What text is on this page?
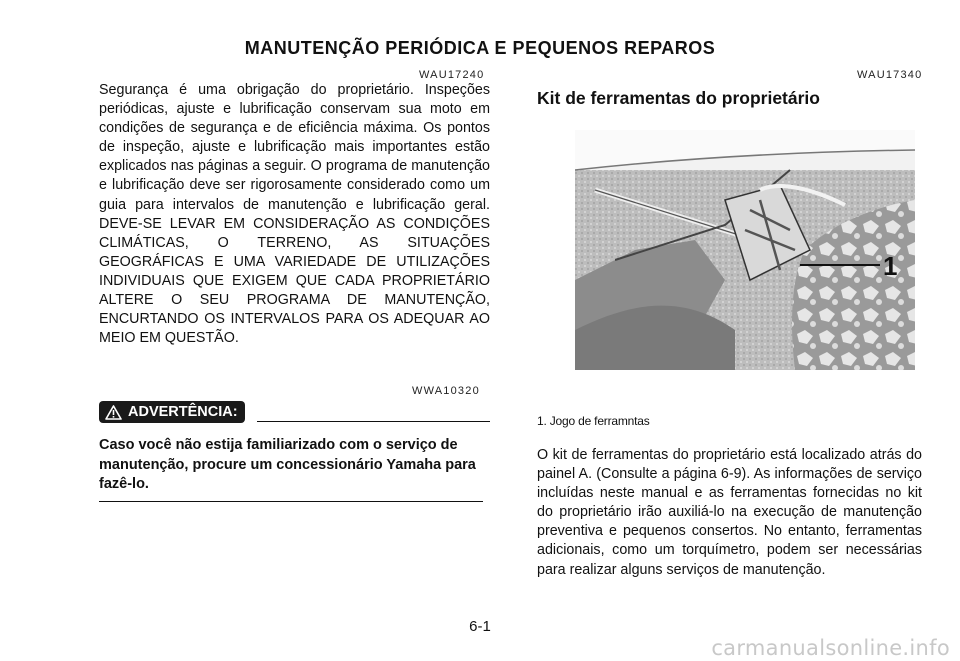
MANUTENÇÃO PERIÓDICA E PEQUENOS REPAROS
WAU17240

Segurança é uma obrigação do proprietário. Inspeções periódicas, ajuste e lubrificação conservam sua moto em condições de segurança e de eficiência máxima. Os pontos de inspeção, ajuste e lubrificação mais importantes estão explicados nas páginas a seguir. O programa de manutenção e lubrificação deve ser rigorosamente considerado como um guia para intervalos de manutenção e lubrificação geral. DEVE-SE LEVAR EM CONSIDERAÇÃO AS CONDIÇÕES CLIMÁTICAS, O TERRENO, AS SITUAÇÕES GEOGRÁFICAS E UMA VARIEDADE DE UTILIZAÇÕES INDIVIDUAIS QUE EXIGEM QUE CADA PROPRIETÁRIO ALTERE O SEU PROGRAMA DE MANUTENÇÃO, ENCURTANDO OS INTERVALOS PARA OS ADEQUAR AO MEIO EM QUESTÃO.

WWA10320
ADVERTÊNCIA:

Caso você não estija familiarizado com o serviço de manutenção, procure um concessionário Yamaha para fazê-lo.

WAU17340
Kit de ferramentas do proprietário
1
1. Jogo de ferramntas

O kit de ferramentas do proprietário está localizado atrás do painel A. (Consulte a página 6-9). As informações de serviço incluídas neste manual e as ferramentas fornecidas no kit do proprietário irão auxiliá-lo na execução de manutenção preventiva e pequenos consertos. No entanto, ferramentas adicionais, como um torquímetro, podem ser necessárias para realizar alguns serviços de manutenção.

6-1
carmanualsonline.info
